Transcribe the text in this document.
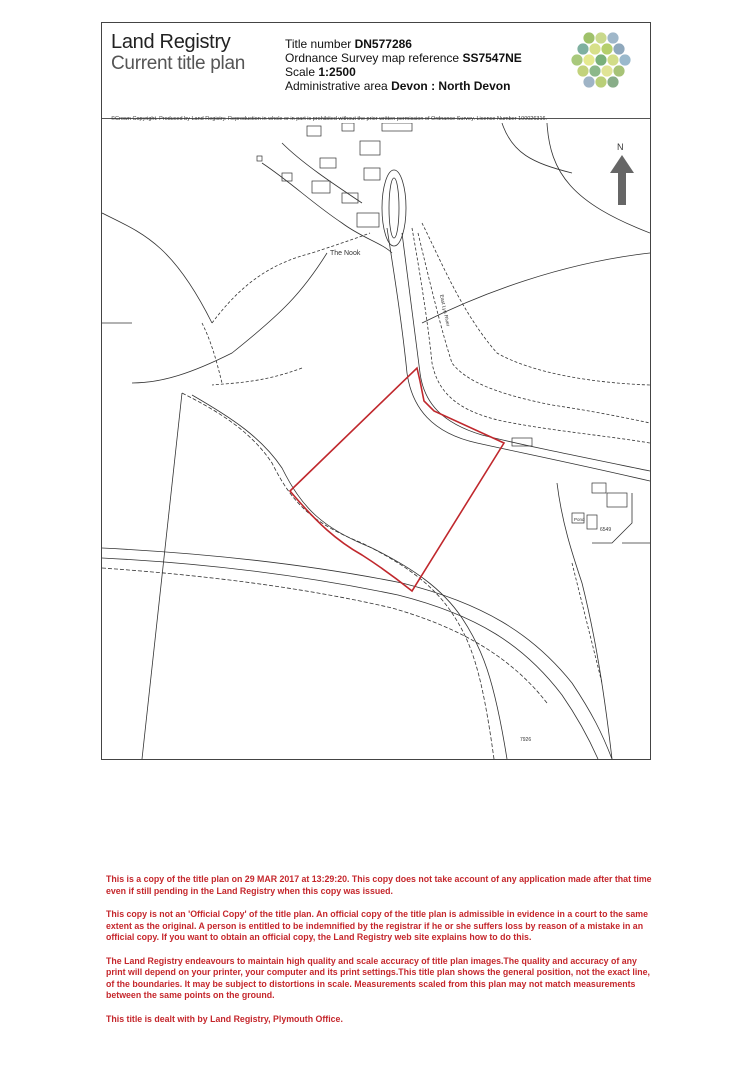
Land Registry
Current title plan
Title number DN577286
Ordnance Survey map reference SS7547NE
Scale 1:2500
Administrative area Devon : North Devon
©Crown Copyright. Produced by Land Registry. Reproduction in whole or in part is prohibited without the prior written permission of Ordnance Survey. Licence Number 100026316.
The Nook
East Lyn River
7926
6549
Pond
N

This is a copy of the title plan on 29 MAR 2017 at 13:29:20. This copy does not take account of any application made after that time even if still pending in the Land Registry when this copy was issued.

This copy is not an 'Official Copy' of the title plan. An official copy of the title plan is admissible in evidence in a court to the same extent as the original. A person is entitled to be indemnified by the registrar if he or she suffers loss by reason of a mistake in an official copy. If you want to obtain an official copy, the Land Registry web site explains how to do this.

The Land Registry endeavours to maintain high quality and scale accuracy of title plan images.The quality and accuracy of any print will depend on your printer, your computer and its print settings.This title plan shows the general position, not the exact line, of the boundaries. It may be subject to distortions in scale. Measurements scaled from this plan may not match measurements between the same points on the ground.

This title is dealt with by Land Registry, Plymouth Office.
